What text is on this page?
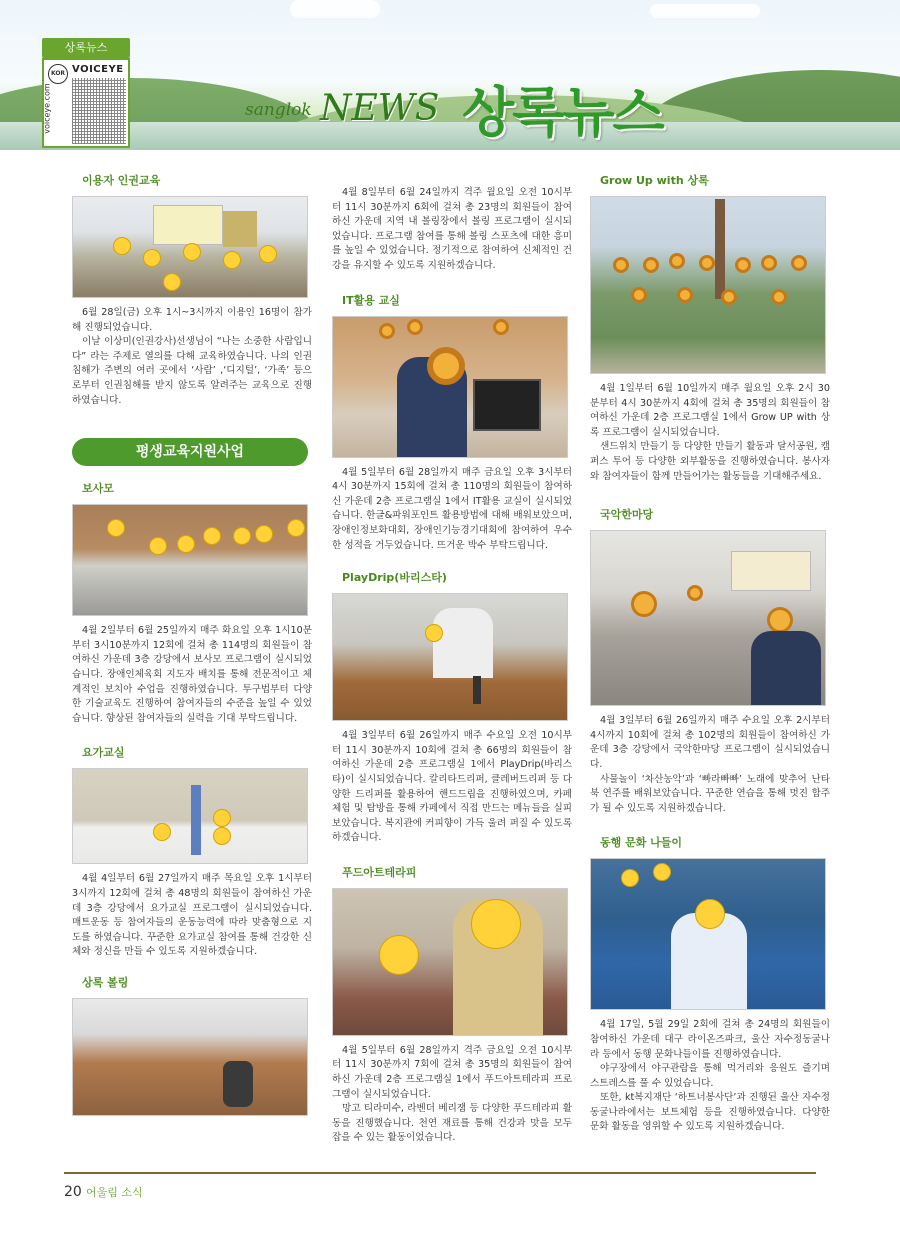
상록뉴스
KOR VOICEYE
voiceye.com	sanglok NEWS 상록뉴스
이용자 인권교육
6월 28일(금) 오후 1시~3시까지 이용인 16명이 참가해 진행되었습니다.
이날 이상미(인권강사)선생님이 “나는 소중한 사람입니다” 라는 주제로 열의를 다해 교육하였습니다. 나의 인권 침해가 주변의 여러 곳에서 ‘사람’ ,‘디지털’, ‘가족’ 등으로부터 인권침해를 받지 않도록 알려주는 교육으로 진행하였습니다.
평생교육지원사업
보사모
4월 2일부터 6월 25일까지 매주 화요일 오후 1시10분부터 3시10분까지 12회에 걸쳐 총 114명의 회원들이 참여하신 가운데 3층 강당에서 보사모 프로그램이 실시되었습니다. 장애인체육회 지도자 배치를 통해 전문적이고 체계적인 보치아 수업을 진행하였습니다. 투구법부터 다양한 기술교육도 진행하여 참여자들의 수준을 높일 수 있었습니다. 향상된 참여자들의 실력을 기대 부탁드립니다.
요가교실
4월 4일부터 6월 27일까지 매주 목요일 오후 1시부터 3시까지 12회에 걸쳐 총 48명의 회원들이 참여하신 가운데 3층 강당에서 요가교실 프로그램이 실시되었습니다. 매트운동 등 참여자들의 운동능력에 따라 맞춤형으로 지도를 하였습니다. 꾸준한 요가교실 참여를 통해 건강한 신체와 정신을 만들 수 있도록 지원하겠습니다.
상록 볼링
4월 8일부터 6월 24일까지 격주 월요일 오전 10시부터 11시 30분까지 6회에 걸쳐 총 23명의 회원들이 참여하신 가운데 지역 내 볼링장에서 볼링 프로그램이 실시되었습니다. 프로그램 참여를 통해 볼링 스포츠에 대한 흥미를 높일 수 있었습니다. 정기적으로 참여하여 신체적인 건강을 유지할 수 있도록 지원하겠습니다.
IT활용 교실
4월 5일부터 6월 28일까지 매주 금요일 오후 3시부터 4시 30분까지 15회에 걸쳐 총 110명의 회원들이 참여하신 가운데 2층 프로그램실 1에서 IT활용 교실이 실시되었습니다. 한글&파워포인트 활용방법에 대해 배워보았으며, 장애인정보화대회, 장애인기능경기대회에 참여하여 우수한 성적을 거두었습니다. 뜨거운 박수 부탁드립니다.
PlayDrip(바리스타)
4월 3일부터 6월 26일까지 매주 수요일 오전 10시부터 11시 30분까지 10회에 걸쳐 총 66명의 회원들이 참여하신 가운데 2층 프로그램실 1에서 PlayDrip(바리스타)이 실시되었습니다. 칼리타드리퍼, 클레버드리퍼 등 다양한 드리퍼를 활용하여 핸드드립을 진행하였으며, 카페 체험 및 탐방을 통해 카페에서 직접 만드는 메뉴들을 실피보았습니다. 복지관에 커피향이 가득 울려 퍼질 수 있도록 하겠습니다.
푸드아트테라피
4월 5일부터 6월 28일까지 격주 금요일 오전 10시부터 11시 30분까지 7회에 걸쳐 총 35명의 회원들이 참여하신 가운데 2층 프로그램실 1에서 푸드아트테라피 프로그램이 실시되었습니다.
망고 티라미수, 라벤더 베리잼 등 다양한 푸드테라피 활동을 진행했습니다. 천연 재료를 통해 건강과 맛을 모두 잡을 수 있는 활동이었습니다.
Grow Up with 상록
4월 1일부터 6월 10일까지 매주 월요일 오후 2시 30분부터 4시 30분까지 4회에 걸쳐 총 35명의 회원들이 참여하신 가운데 2층 프로그램실 1에서 Grow UP with 상록 프로그램이 실시되었습니다.
샌드위치 만들기 등 다양한 만들기 활동과 달서공원, 캠퍼스 투어 등 다양한 외부활동을 진행하였습니다. 봉사자와 참여자들이 함께 만들어가는 활동들을 기대해주세요.
국악한마당
4월 3일부터 6월 26일까지 매주 수요일 오후 2시부터 4시까지 10회에 걸쳐 총 102명의 회원들이 참여하신 가운데 3층 강당에서 국악한마당 프로그램이 실시되었습니다.
사물놀이 ‘차산농악’과 ‘빠라빠빠’ 노래에 맞추어 난타북 연주를 배워보았습니다. 꾸준한 연습을 통해 멋진 합주가 될 수 있도록 지원하겠습니다.
동행 문화 나들이
4월 17일, 5월 29일 2회에 걸쳐 총 24명의 회원들이 참여하신 가운데 대구 라이온즈파크, 울산 자수정동굴나라 등에서 동행 문화나들이를 진행하였습니다.
야구장에서 야구관람을 통해 먹거리와 응원도 즐기며 스트레스를 풀 수 있었습니다.
또한, kt복지재단 ‘하트너봉사단’과 진행된 울산 자수정동굴나라에서는 보트체험 등을 진행하였습니다. 다양한 문화 활동을 영위할 수 있도록 지원하겠습니다.
20 어울림 소식
